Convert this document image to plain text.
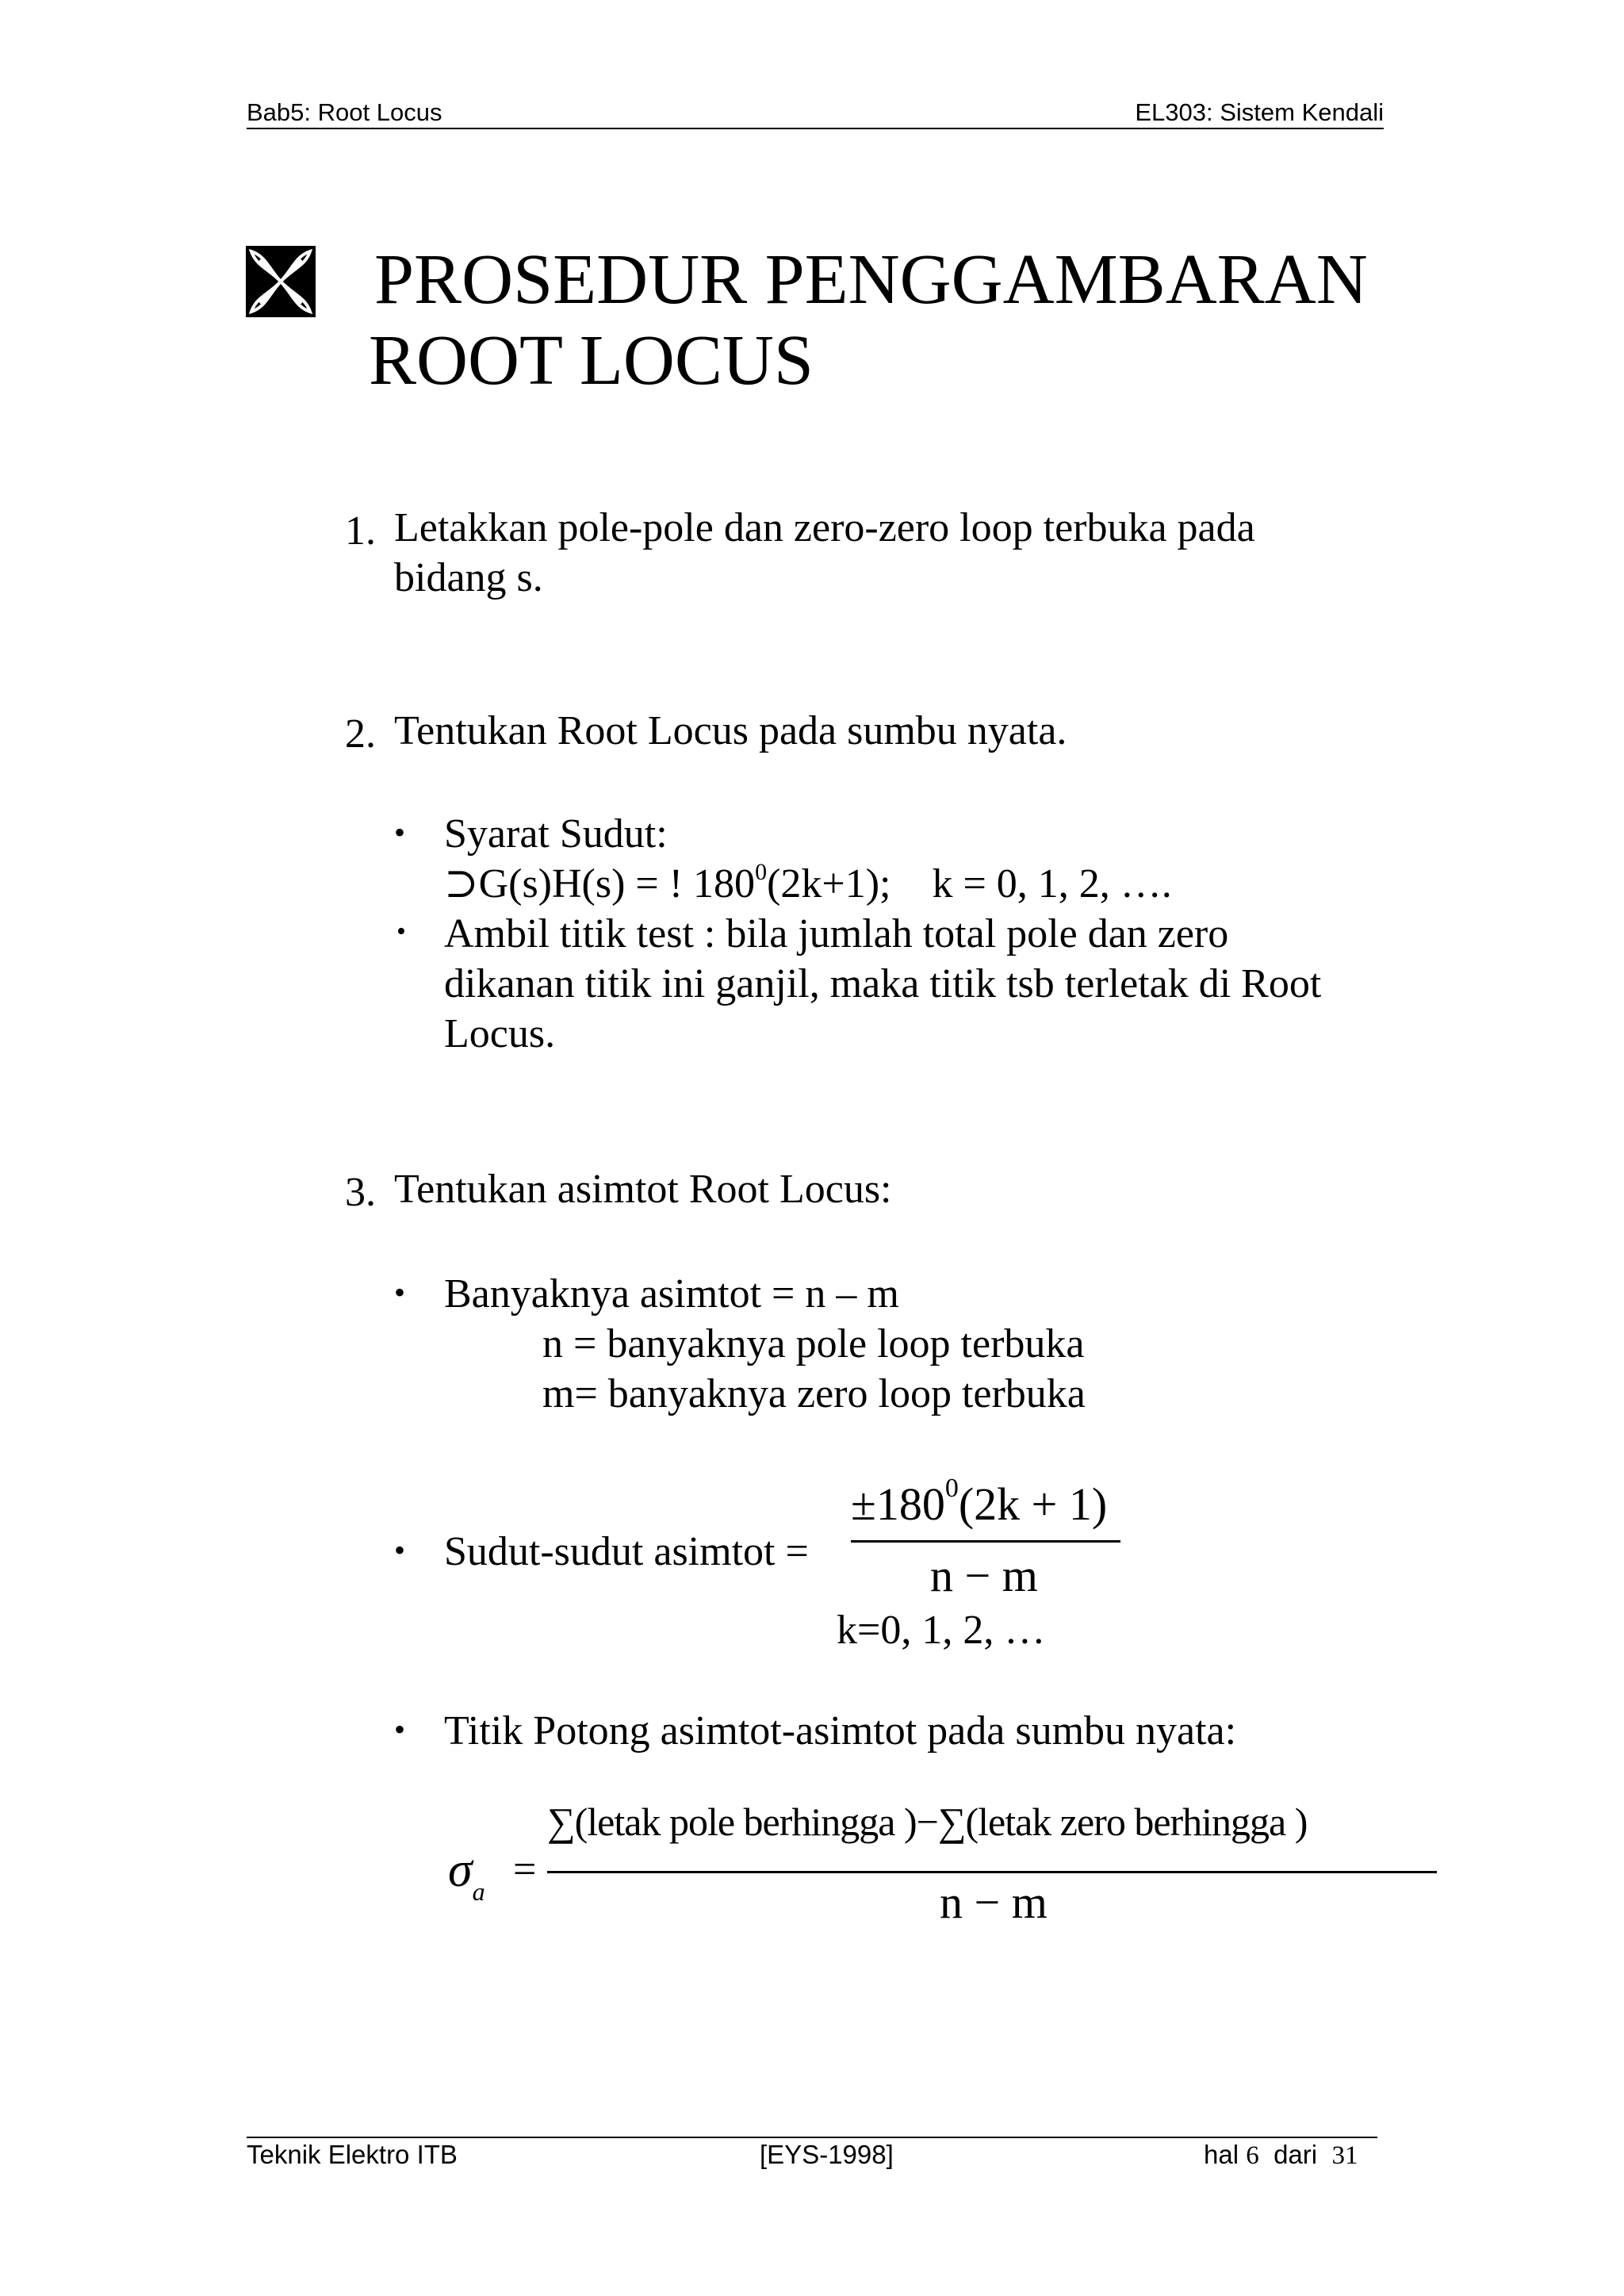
Bab5: Root Locus	EL303: Sistem Kendali
PROSEDUR PENGGAMBARAN
ROOT LOCUS
1. Letakkan pole-pole dan zero-zero loop terbuka pada
bidang s.
2. Tentukan Root Locus pada sumbu nyata.
• Syarat Sudut:
⊃G(s)H(s) = ! $180^0(2k+1)$; k = 0, 1, 2, ….
• Ambil titik test : bila jumlah total pole dan zero
dikanan titik ini ganjil, maka titik tsb terletak di Root
Locus.
3. Tentukan asimtot Root Locus:
• Banyaknya asimtot = n – m
n = banyaknya pole loop terbuka
m= banyaknya zero loop terbuka
• Sudut-sudut asimtot =
$\pm 180^0(2k + 1)$
n − m
k=0, 1, 2, …
• Titik Potong asimtot-asimtot pada sumbu nyata:
$\sigma_a$ =
∑(letak pole berhingga )−∑(letak zero berhingga )
n − m
Teknik Elektro ITB	[EYS-1998]	hal 6 dari 31
